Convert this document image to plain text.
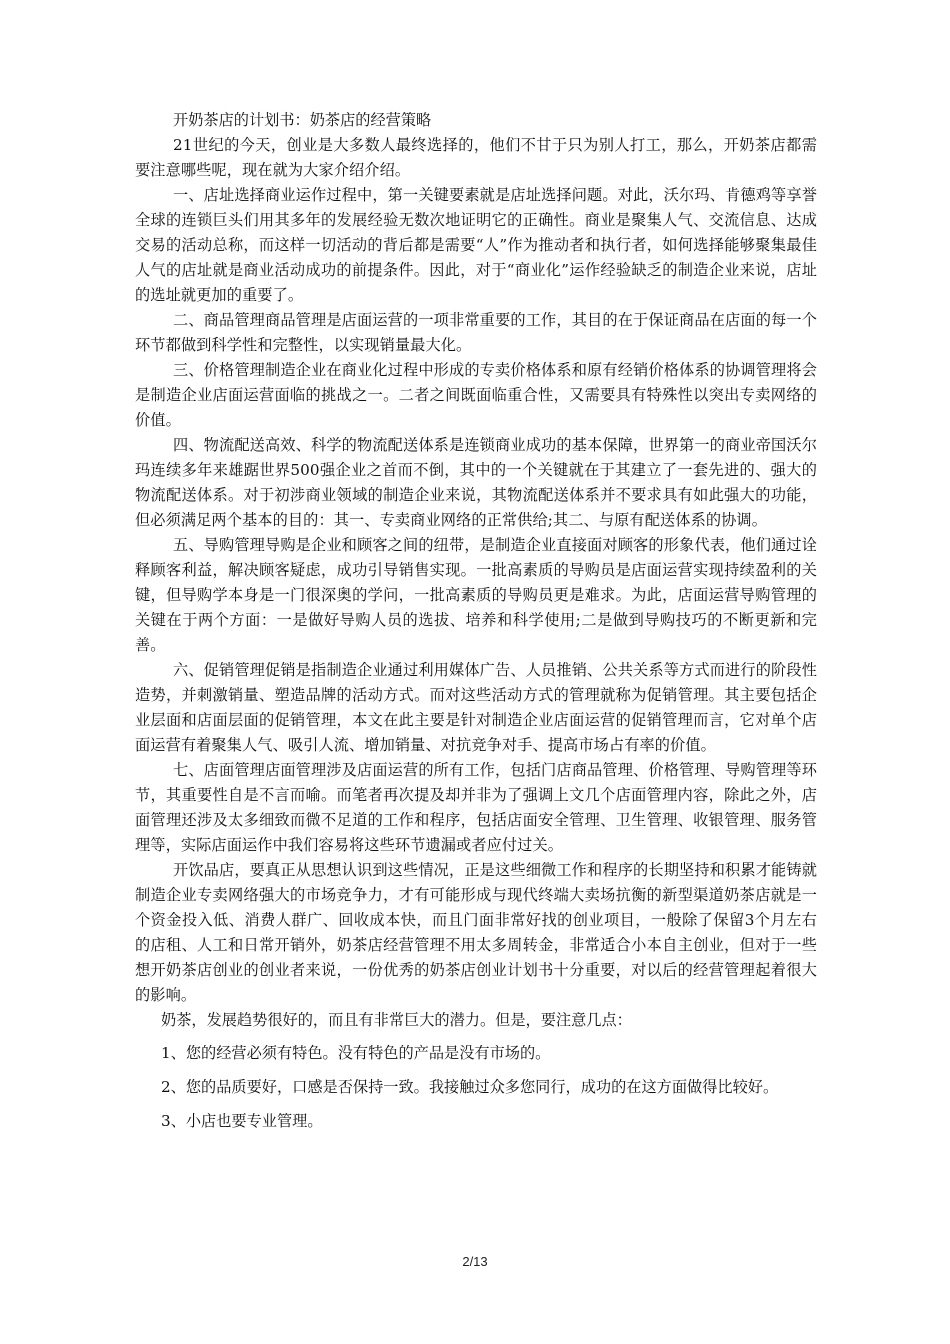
开奶茶店的计划书：奶茶店的经营策略

21世纪的今天，创业是大多数人最终选择的，他们不甘于只为别人打工，那么，开奶茶店都需要注意哪些呢，现在就为大家介绍介绍。

一、店址选择商业运作过程中，第一关键要素就是店址选择问题。对此，沃尔玛、肯德鸡等享誉全球的连锁巨头们用其多年的发展经验无数次地证明它的正确性。商业是聚集人气、交流信息、达成交易的活动总称，而这样一切活动的背后都是需要“人”作为推动者和执行者，如何选择能够聚集最佳人气的店址就是商业活动成功的前提条件。因此，对于“商业化”运作经验缺乏的制造企业来说，店址的选址就更加的重要了。

二、商品管理商品管理是店面运营的一项非常重要的工作，其目的在于保证商品在店面的每一个环节都做到科学性和完整性，以实现销量最大化。

三、价格管理制造企业在商业化过程中形成的专卖价格体系和原有经销价格体系的协调管理将会是制造企业店面运营面临的挑战之一。二者之间既面临重合性，又需要具有特殊性以突出专卖网络的价值。

四、物流配送高效、科学的物流配送体系是连锁商业成功的基本保障，世界第一的商业帝国沃尔玛连续多年来雄踞世界500强企业之首而不倒，其中的一个关键就在于其建立了一套先进的、强大的物流配送体系。对于初涉商业领域的制造企业来说，其物流配送体系并不要求具有如此强大的功能，但必须满足两个基本的目的：其一、专卖商业网络的正常供给;其二、与原有配送体系的协调。

五、导购管理导购是企业和顾客之间的纽带，是制造企业直接面对顾客的形象代表，他们通过诠释顾客利益，解决顾客疑虑，成功引导销售实现。一批高素质的导购员是店面运营实现持续盈利的关键，但导购学本身是一门很深奥的学问，一批高素质的导购员更是难求。为此，店面运营导购管理的关键在于两个方面：一是做好导购人员的选拔、培养和科学使用;二是做到导购技巧的不断更新和完善。

六、促销管理促销是指制造企业通过利用媒体广告、人员推销、公共关系等方式而进行的阶段性造势，并刺激销量、塑造品牌的活动方式。而对这些活动方式的管理就称为促销管理。其主要包括企业层面和店面层面的促销管理，本文在此主要是针对制造企业店面运营的促销管理而言，它对单个店面运营有着聚集人气、吸引人流、增加销量、对抗竞争对手、提高市场占有率的价值。

七、店面管理店面管理涉及店面运营的所有工作，包括门店商品管理、价格管理、导购管理等环节，其重要性自是不言而喻。而笔者再次提及却并非为了强调上文几个店面管理内容，除此之外，店面管理还涉及太多细致而微不足道的工作和程序，包括店面安全管理、卫生管理、收银管理、服务管理等，实际店面运作中我们容易将这些环节遗漏或者应付过关。

开饮品店，要真正从思想认识到这些情况，正是这些细微工作和程序的长期坚持和积累才能铸就制造企业专卖网络强大的市场竞争力，才有可能形成与现代终端大卖场抗衡的新型渠道奶茶店就是一个资金投入低、消费人群广、回收成本快，而且门面非常好找的创业项目，一般除了保留3个月左右的店租、人工和日常开销外，奶茶店经营管理不用太多周转金，非常适合小本自主创业，但对于一些想开奶茶店创业的创业者来说，一份优秀的奶茶店创业计划书十分重要，对以后的经营管理起着很大的影响。

奶茶，发展趋势很好的，而且有非常巨大的潜力。但是，要注意几点：

1、您的经营必须有特色。没有特色的产品是没有市场的。

2、您的品质要好，口感是否保持一致。我接触过众多您同行，成功的在这方面做得比较好。

3、小店也要专业管理。

2/13
